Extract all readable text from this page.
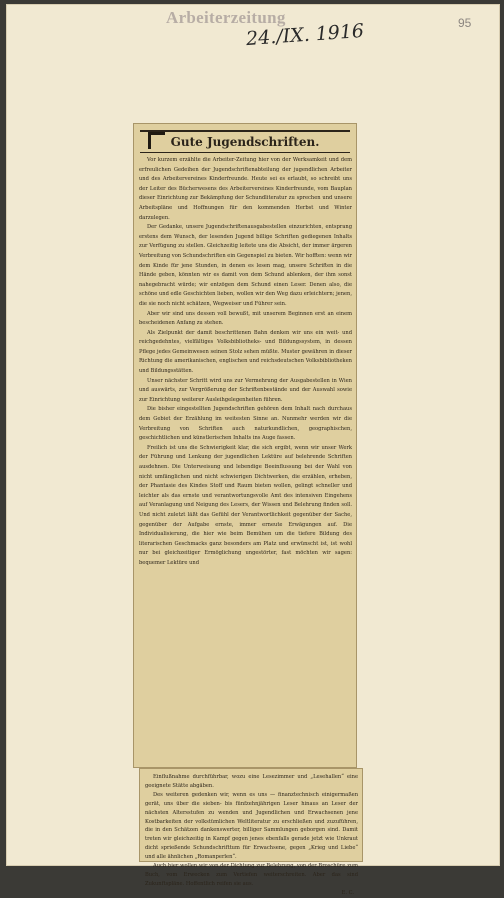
Arbeiterzeitung
24./IX. 1916	95
Gute Jugendschriften.

Vor kurzem erzählte die Arbeiter-Zeitung hier von der Werksamkeit und dem erfreulichen Gedeihen der Jugendschriftenabteilung der jugendlichen Arbeiter und des Arbeitervereines Kinderfreunde. Heute sei es erlaubt, so schreibt uns der Leiter des Bücherwesens des Arbeitervereines Kinderfreunde, vom Bauplan dieser Einrichtung zur Bekämpfung der Schundliteratur zu sprechen und unsere Arbeitspläne und Hoffnungen für den kommenden Herbst und Winter darzulegen.

Der Gedanke, unsere Jugendschriftenausgabestellen einzurichten, entsprang erstens dem Wunsch, der lesenden Jugend billige Schriften gediegenen Inhalts zur Verfügung zu stellen. Gleichzeitig leitete uns die Absicht, der immer ärgeren Verbreitung von Schundschriften ein Gegenspiel zu bieten. Wir hofften: wenn wir dem Kinde für jene Stunden, in denen es lesen mag, unsere Schriften in die Hände geben, könnten wir es damit von dem Schund ablenken, der ihm sonst nahegebracht würde; wir entzögen dem Schund einen Leser. Denen also, die schöne und edle Geschichten lieben, wollen wir den Weg dazu erleichtern; jenen, die sie noch nicht schätzen, Wegweiser und Führer sein.

Aber wir sind uns dessen voll bewußt, mit unserem Beginnen erst an einem bescheidenen Anfang zu stehen.

Als Zielpunkt der damit beschrittenen Bahn denken wir uns ein weit- und reichgedehntes, vielfältiges Volksbibliotheks- und Bildungssystem, in dessen Pflege jedes Gemeinwesen seinen Stolz sehen müßte. Muster gewähren in dieser Richtung die amerikanischen, englischen und reichsdeutschen Volksbibliotheken und Bildungsstätten.

Unser nächster Schritt wird uns zur Vermehrung der Ausgabestellen in Wien und auswärts, zur Vergrößerung der Schriftenbestände und der Auswahl sowie zur Einrichtung weiterer Ausleihgelegenheiten führen.

Die bisher eingestellten Jugendschriften gehören dem Inhalt nach durchaus dem Gebiet der Erzählung im weitesten Sinne an. Nunmehr werden wir die Verbreitung von Schriften auch naturkundlichen, geographischen, geschichtlichen und künstlerischen Inhalts ins Auge fassen.

Freilich ist uns die Schwierigkeit klar, die sich ergibt, wenn wir unser Werk der Führung und Lenkung der jugendlichen Lektüre auf belehrende Schriften ausdehnen. Die Unterweisung und lebendige Beeinflussung bei der Wahl von nicht umfänglichen und nicht schwierigen Dichtwerken, die erzählen, erheben, der Phantasie des Kindes Stoff und Raum bieten wollen, gelingt schneller und leichter als das ernste und verantwortungsvolle Amt des intensiven Eingehens auf Veranlagung und Neigung des Lesers, der Wissen und Belehrung finden soll. Und nicht zuletzt läßt das Gefühl der Verantwortlichkeit gegenüber der Sache, gegenüber der Aufgabe ernste, immer erneute Erwägungen auf. Die Individualisierung, die hier wie beim Bemühen um die tiefere Bildung des literarischen Geschmacks ganz besonders am Platz und erwünscht ist, ist wohl nur bei gleichzeitiger Ermöglichung ungestörter, fast möchten wir sagen: bequemer Lektüre und

Einflußnahme durchführbar, wozu eine Lesezimmer und „Lesehallen“ eine geeignete Stätte abgäben.

Des weiteren gedenken wir, wenn es uns — finanztechnisch einigermaßen gerät, uns über die sieben- bis fünfzehnjährigen Leser hinaus an Leser der nächsten Altersstufen zu wenden und Jugendlichen und Erwachsenen jene Kostbarkeiten der volkstümlichen Weltliteratur zu erschließen und zuzuführen, die in den Schätzen dankenswerter, billiger Sammlungen geborgen sind. Damit treten wir gleichzeitig in Kampf gegen jenes ebenfalls gerade jetzt wie Unkraut dicht sprießende Schundschrifttum für Erwachsene, gegen „Krieg und Liebe“ und alle ähnlichen „Romanperlen“.

Auch hier wollen wir von der Dichtung zur Belehrung, von der Broschüre zum Buch, vom Erwecken zum Vertiefen weiterschreiten. Aber das sind Zukunftspläne. Hoffentlich reifen sie aus.

E. C.
